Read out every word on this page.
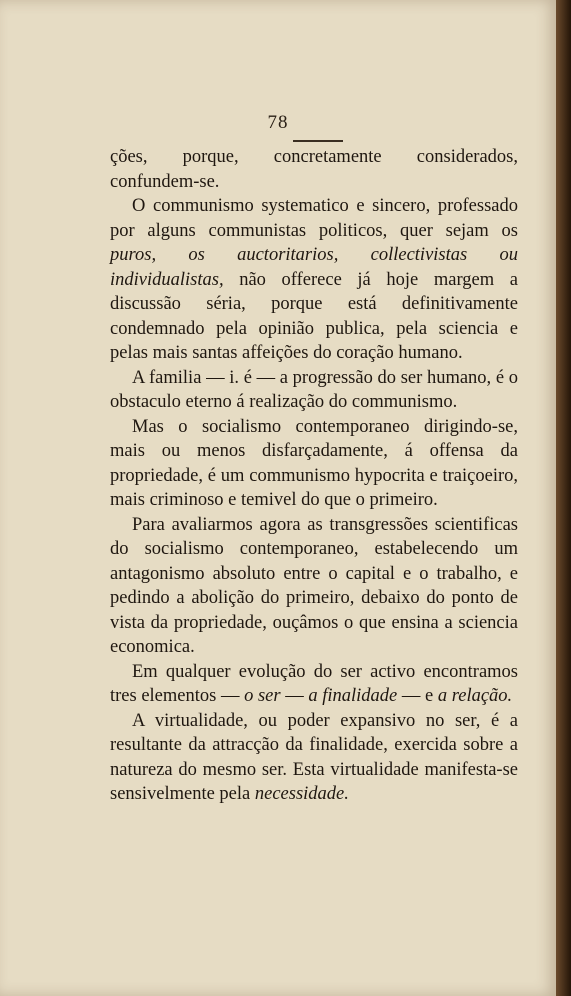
78

ções, porque, concretamente considerados, confundem-se.

O communismo systematico e sincero, professado por alguns communistas politicos, quer sejam os puros, os auctoritarios, collectivistas ou individualistas, não offerece já hoje margem a discussão séria, porque está definitivamente condemnado pela opinião publica, pela sciencia e pelas mais santas affeições do coração humano.

A familia — i. é — a progressão do ser humano, é o obstaculo eterno á realização do communismo.

Mas o socialismo contemporaneo dirigindo-se, mais ou menos disfarçadamente, á offensa da propriedade, é um communismo hypocrita e traiçoeiro, mais criminoso e temivel do que o primeiro.

Para avaliarmos agora as transgressões scientificas do socialismo contemporaneo, estabelecendo um antagonismo absoluto entre o capital e o trabalho, e pedindo a abolição do primeiro, debaixo do ponto de vista da propriedade, ouçâmos o que ensina a sciencia economica.

Em qualquer evolução do ser activo encontramos tres elementos — o ser — a finalidade — e a relação.

A virtualidade, ou poder expansivo no ser, é a resultante da attracção da finalidade, exercida sobre a natureza do mesmo ser. Esta virtualidade manifesta-se sensivelmente pela necessidade.
